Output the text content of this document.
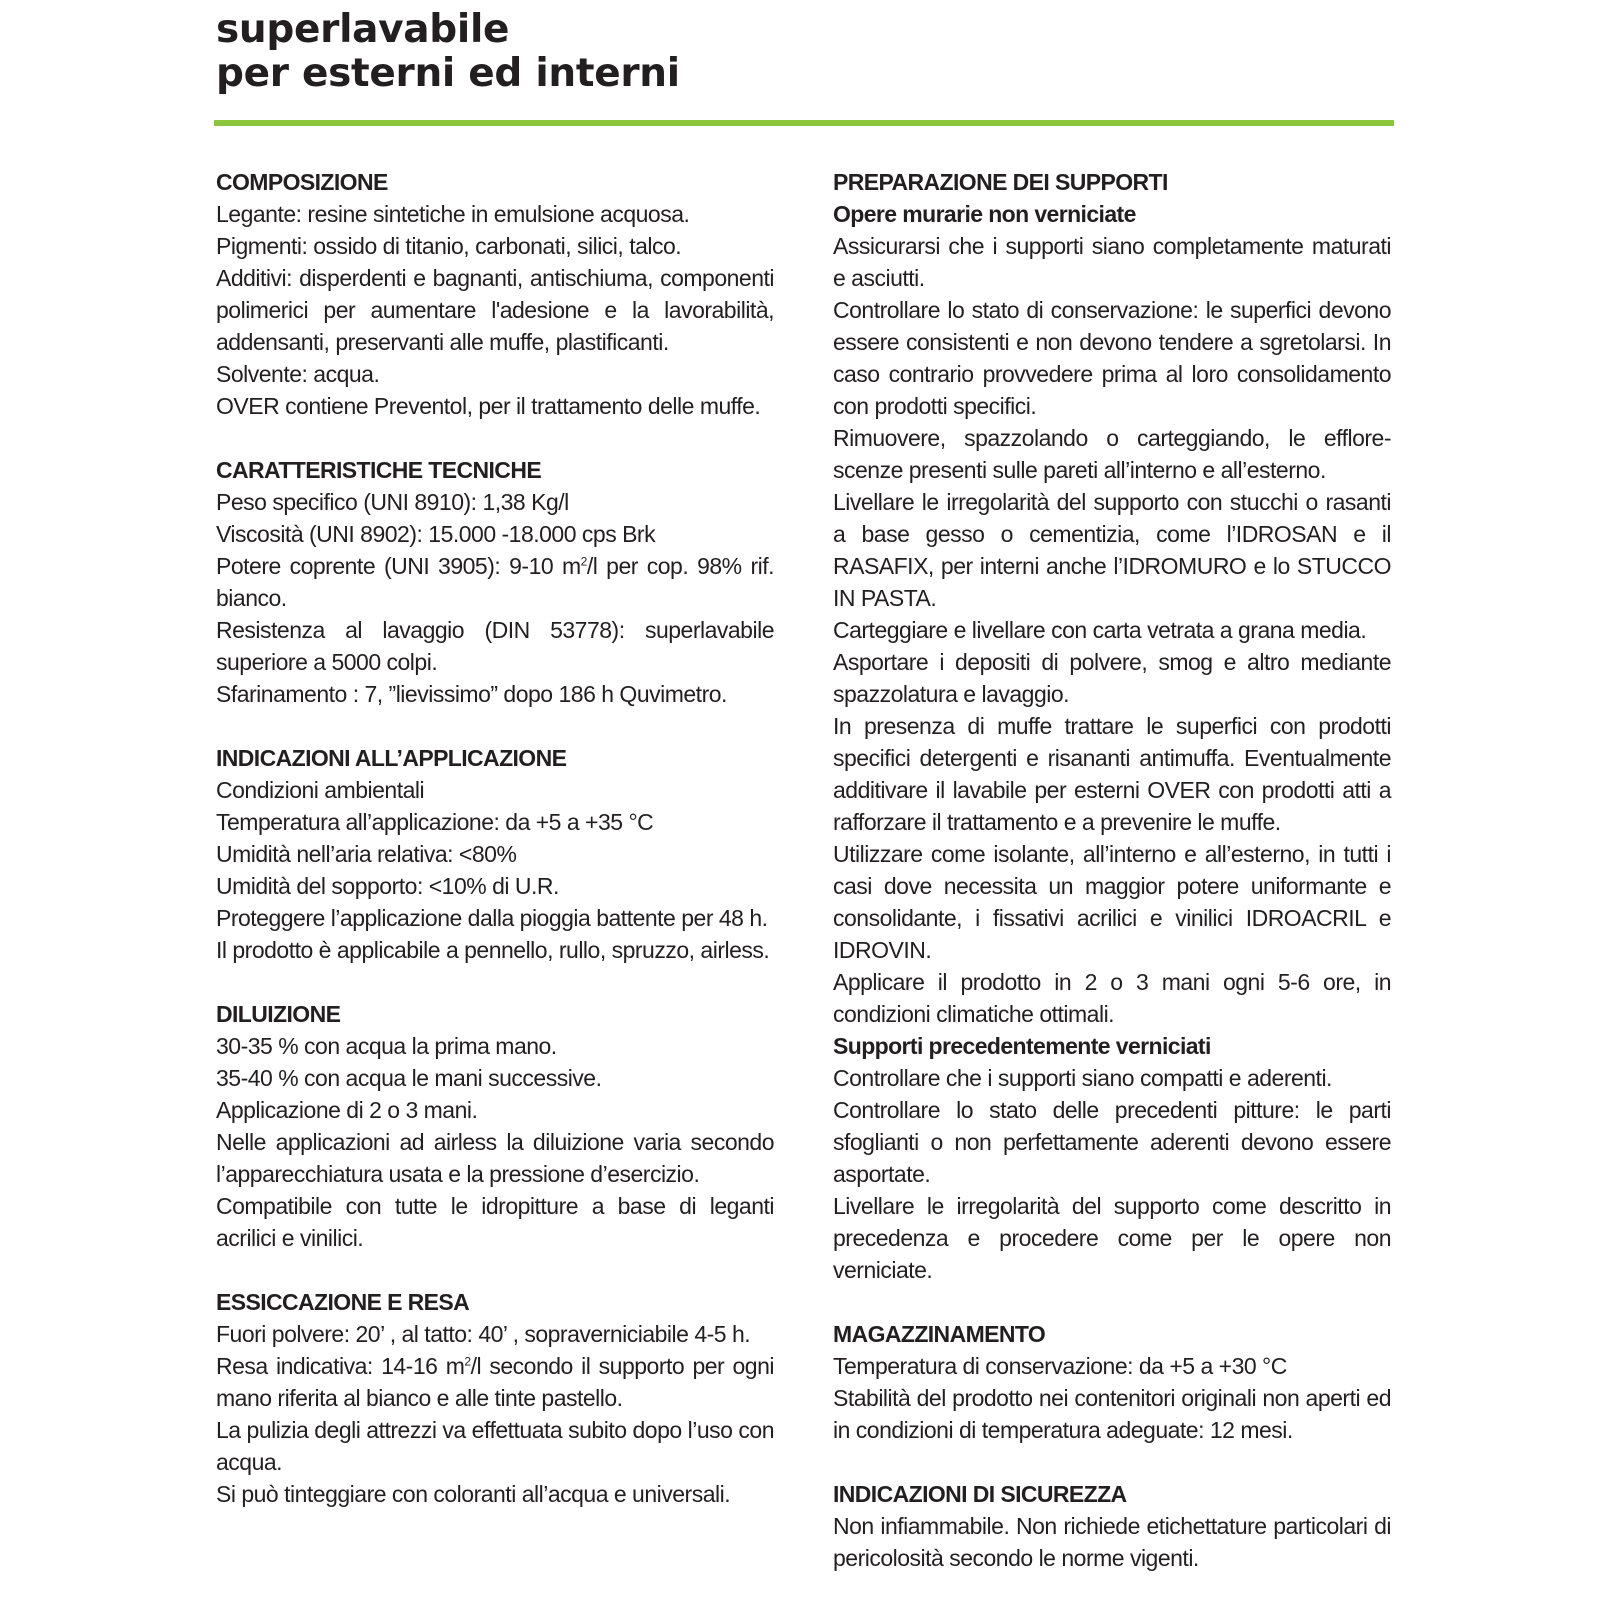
superlavabile
per esterni ed interni
COMPOSIZIONE
Legante: resine sintetiche in emulsione acquosa.
Pigmenti: ossido di titanio, carbonati, silici, talco.
Additivi: disperdenti e bagnanti, antischiuma, componenti polimerici per aumentare l'adesione e la lavorabilità, addensanti, preservanti alle muffe, plastificanti.
Solvente: acqua.
OVER contiene Preventol, per il trattamento delle muffe.
CARATTERISTICHE TECNICHE
Peso specifico (UNI 8910): 1,38 Kg/l
Viscosità (UNI 8902): 15.000 -18.000 cps Brk
Potere coprente (UNI 3905): 9-10 $m^2/l$ per cop. 98% rif. bianco.
Resistenza al lavaggio (DIN 53778): superlavabile superiore a 5000 colpi.
Sfarinamento : 7, ”lievissimo” dopo 186 h Quvimetro.
INDICAZIONI ALL’APPLICAZIONE
Condizioni ambientali
Temperatura all’applicazione: da +5 a +35 °C
Umidità nell’aria relativa: <80%
Umidità del sopporto: <10% di U.R.
Proteggere l’applicazione dalla pioggia battente per 48 h.
Il prodotto è applicabile a pennello, rullo, spruzzo, airless.
DILUIZIONE
30-35 % con acqua la prima mano.
35-40 % con acqua le mani successive.
Applicazione di 2 o 3 mani.
Nelle applicazioni ad airless la diluizione varia secondo l’apparecchiatura usata e la pressione d’esercizio.
Compatibile con tutte le idropitture a base di leganti acrilici e vinilici.
ESSICCAZIONE E RESA
Fuori polvere: 20’ , al tatto: 40’ , sopraverniciabile 4-5 h.
Resa indicativa: 14-16 $m^2/l$ secondo il supporto per ogni mano riferita al bianco e alle tinte pastello.
La pulizia degli attrezzi va effettuata subito dopo l’uso con acqua.
Si può tinteggiare con coloranti all’acqua e universali.
PREPARAZIONE DEI SUPPORTI
Opere murarie non verniciate
Assicurarsi che i supporti siano completamente maturati e asciutti.
Controllare lo stato di conservazione: le superfici devono essere consistenti e non devono tendere a sgretolarsi. In caso contrario provvedere prima al loro consolidamento con prodotti specifici.
Rimuovere, spazzolando o carteggiando, le efflore-scenze presenti sulle pareti all’interno e all’esterno.
Livellare le irregolarità del supporto con stucchi o rasanti a base gesso o cementizia, come l’IDROSAN e il RASAFIX, per interni anche l’IDROMURO e lo STUCCO IN PASTA.
Carteggiare e livellare con carta vetrata a grana media.
Asportare i depositi di polvere, smog e altro mediante spazzolatura e lavaggio.
In presenza di muffe trattare le superfici con prodotti specifici detergenti e risananti antimuffa. Eventualmente additivare il lavabile per esterni OVER con prodotti atti a rafforzare il trattamento e a prevenire le muffe.
Utilizzare come isolante, all’interno e all’esterno, in tutti i casi dove necessita un maggior potere uniformante e consolidante, i fissativi acrilici e vinilici IDROACRIL e IDROVIN.
Applicare il prodotto in 2 o 3 mani ogni 5-6 ore, in condizioni climatiche ottimali.
Supporti precedentemente verniciati
Controllare che i supporti siano compatti e aderenti.
Controllare lo stato delle precedenti pitture: le parti sfoglianti o non perfettamente aderenti devono essere asportate.
Livellare le irregolarità del supporto come descritto in precedenza e procedere come per le opere non verniciate.
MAGAZZINAMENTO
Temperatura di conservazione: da +5 a +30 °C
Stabilità del prodotto nei contenitori originali non aperti ed in condizioni di temperatura adeguate: 12 mesi.
INDICAZIONI DI SICUREZZA
Non infiammabile. Non richiede etichettature particolari di pericolosità secondo le norme vigenti.
